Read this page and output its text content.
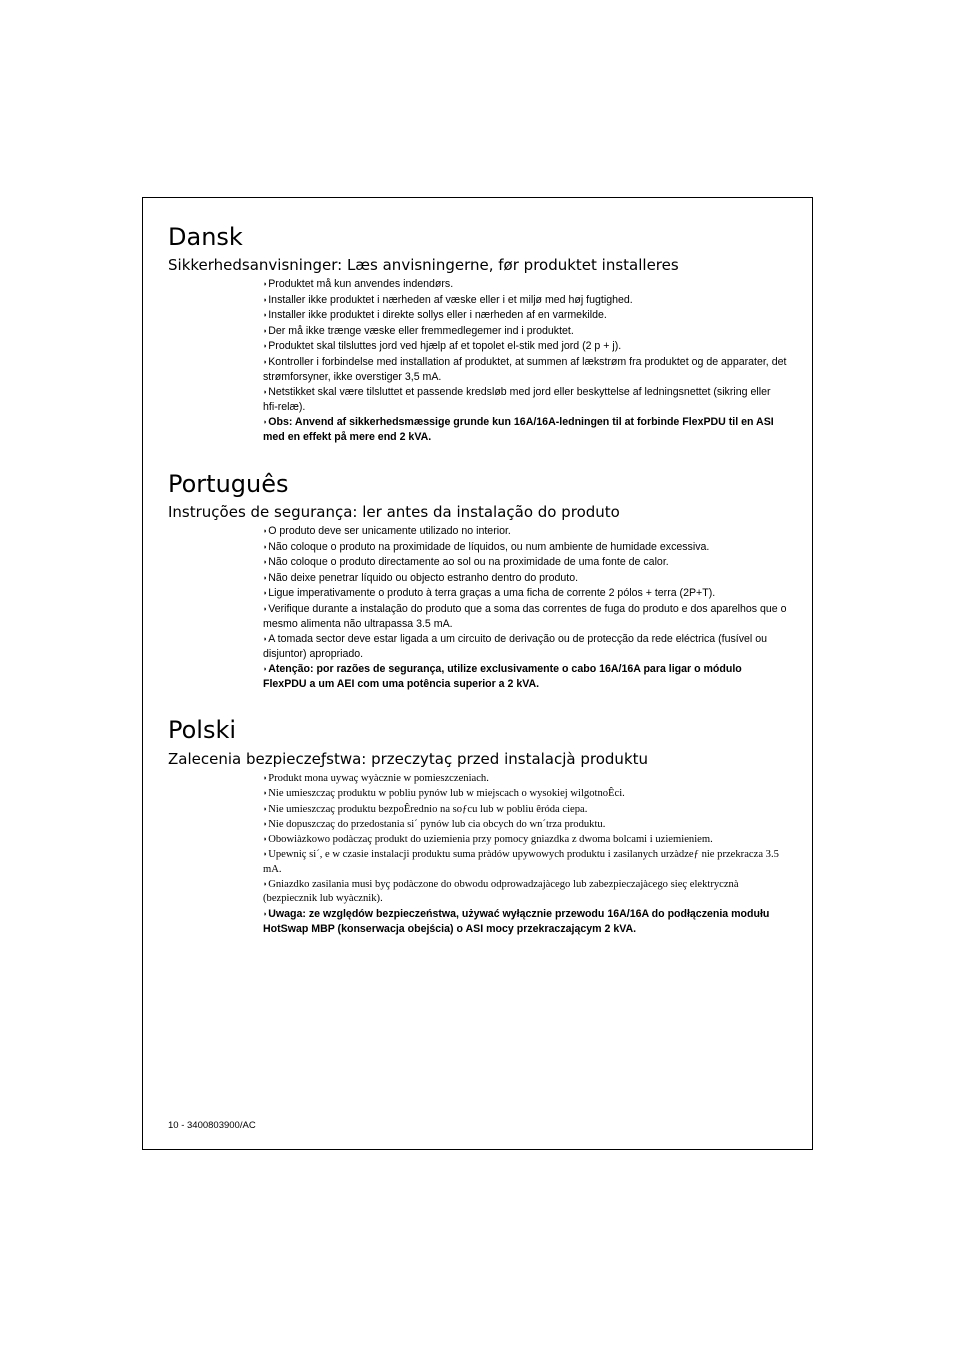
Dansk
Sikkerhedsanvisninger: Læs anvisningerne, før produktet installeres
◗Produktet må kun anvendes indendørs.
◗Installer ikke produktet i nærheden af væske eller i et miljø med høj fugtighed.
◗Installer ikke produktet i direkte sollys eller i nærheden af en varmekilde.
◗Der må ikke trænge væske eller fremmedlegemer ind i produktet.
◗Produktet skal tilsluttes jord ved hjælp af et topolet el-stik med jord (2 p + j).
◗Kontroller i forbindelse med installation af produktet, at summen af lækstrøm fra produktet og de apparater, det strømforsyner, ikke overstiger 3,5 mA.
◗Netstikket skal være tilsluttet et passende kredsløb med jord eller beskyttelse af ledningsnettet (sikring eller hfi-relæ).
◗Obs: Anvend af sikkerhedsmæssige grunde kun 16A/16A-ledningen til at forbinde FlexPDU til en ASI med en effekt på mere end 2 kVA.
Português
Instruções de segurança: ler antes da instalação do produto
◗O produto deve ser unicamente utilizado no interior.
◗Não coloque o produto na proximidade de líquidos, ou num ambiente de humidade excessiva.
◗Não coloque o produto directamente ao sol ou na proximidade de uma fonte de calor.
◗Não deixe penetrar líquido ou objecto estranho dentro do produto.
◗Ligue imperativamente o produto à terra graças a uma ficha de corrente 2 pólos + terra (2P+T).
◗Verifique durante a instalação do produto que a soma das correntes de fuga do produto e dos aparelhos que o mesmo alimenta não ultrapassa 3.5 mA.
◗A tomada sector deve estar ligada a um circuito de derivação ou de protecção da rede eléctrica (fusível ou disjuntor) apropriado.
◗Atenção: por razões de segurança, utilize exclusivamente o cabo 16A/16A para ligar o módulo FlexPDU a um AEI com uma potência superior a 2 kVA.
Polski
Zalecenia bezpieczeƒstwa: przeczytaç przed instalacjà produktu
◗Produkt mona uywaç wyàcznie w pomieszczeniach.
◗Nie umieszczaç produktu w pobliu pynów lub w miejscach o wysokiej wilgotnoÊci.
◗Nie umieszczaç produktu bezpoÊrednio na soƒcu lub w pobliu êróda ciepa.
◗Nie dopuszczaç do przedostania si´ pynów lub cia obcych do wn´trza produktu.
◗Obowiàzkowo podàczaç produkt do uziemienia przy pomocy gniazdka z dwoma bolcami i uziemieniem.
◗Upewniç si´, e w czasie instalacji produktu suma pràdów upywowych produktu i zasilanych urzàdzeƒ nie przekracza 3.5 mA.
◗Gniazdko zasilania musi byç podàczone do obwodu odprowadzajàcego lub zabezpieczajàcego sieç elektrycznà (bezpiecznik lub wyàcznik).
◗Uwaga: ze względów bezpieczeństwa, używać wyłącznie przewodu 16A/16A do podłączenia modułu HotSwap MBP (konserwacja obejścia) o ASI mocy przekraczającym 2 kVA.
10 - 3400803900/AC
